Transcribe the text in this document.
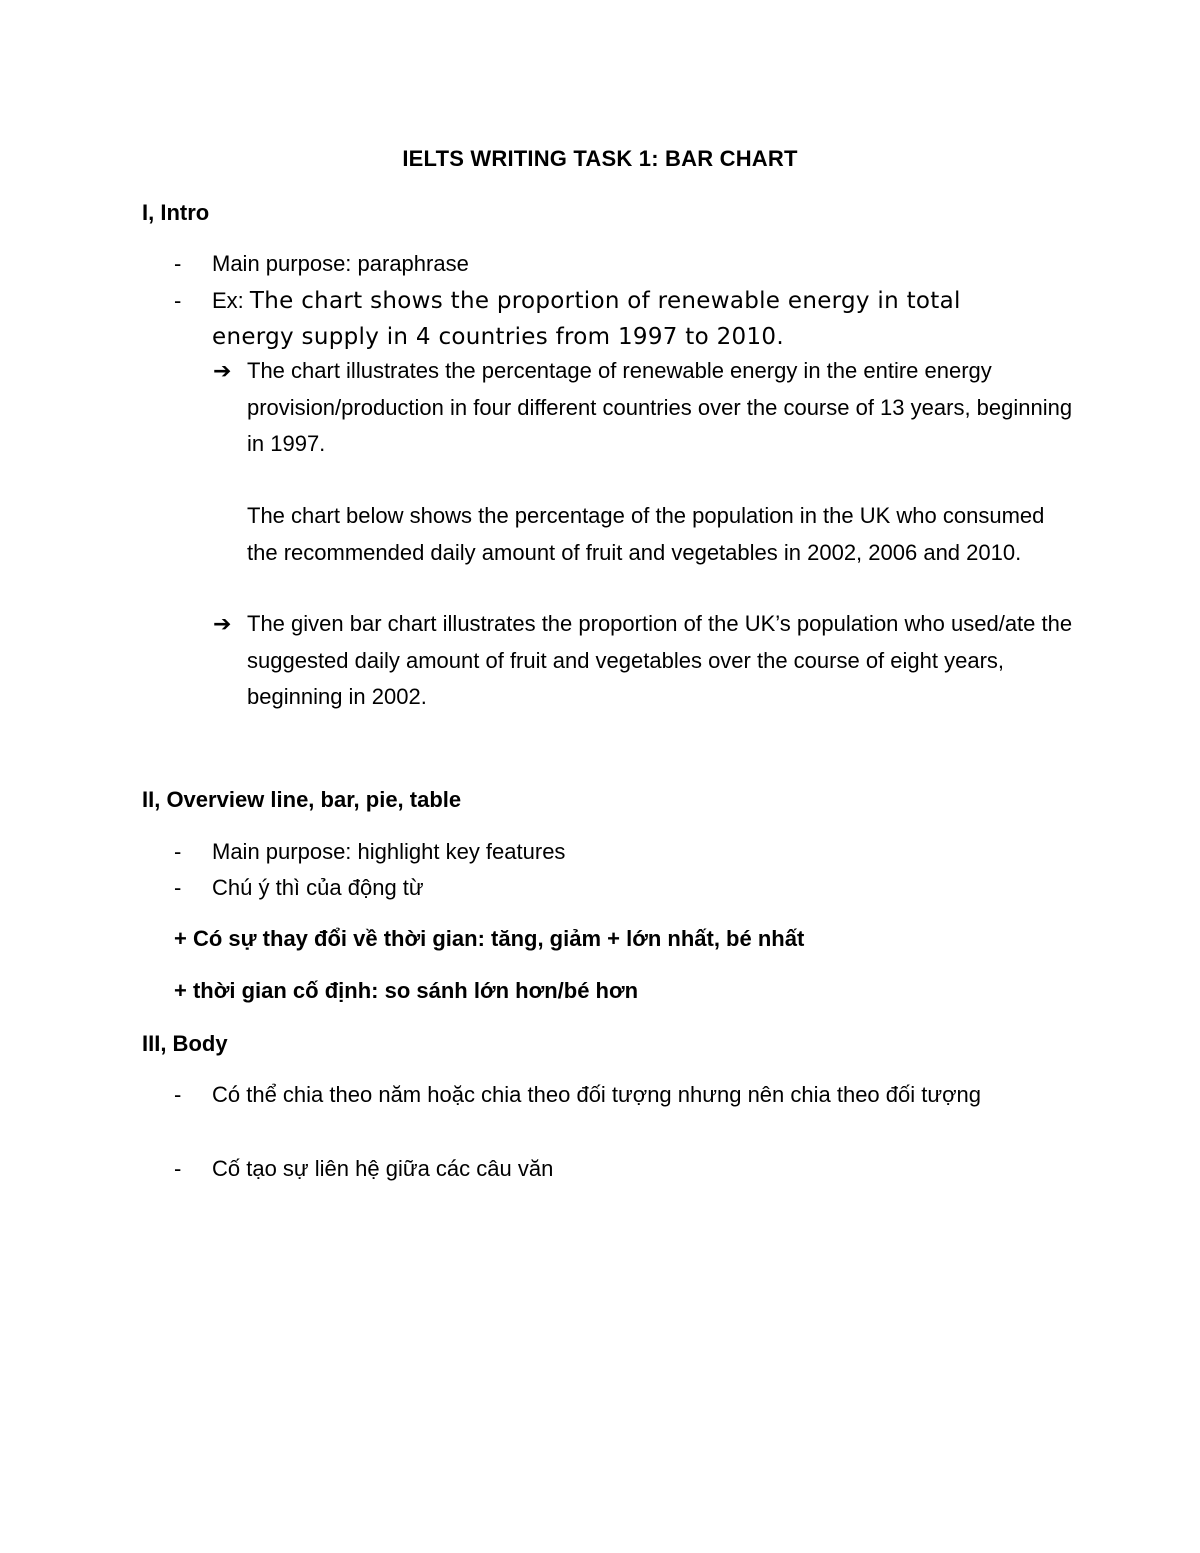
IELTS WRITING TASK 1: BAR CHART
I, Intro
-	Main purpose: paraphrase
-	Ex: The chart shows the proportion of renewable energy in total energy supply in 4 countries from 1997 to 2010.
➔ The chart illustrates the percentage of renewable energy in the entire energy provision/production in four different countries over the course of 13 years, beginning in 1997.
The chart below shows the percentage of the population in the UK who consumed the recommended daily amount of fruit and vegetables in 2002, 2006 and 2010.
➔ The given bar chart illustrates the proportion of the UK’s population who used/ate the suggested daily amount of fruit and vegetables over the course of eight years, beginning in 2002.
II, Overview line, bar, pie, table
-	Main purpose: highlight key features
-	Chú ý thì của động từ
+ Có sự thay đổi về thời gian: tăng, giảm + lớn nhất, bé nhất
+ thời gian cố định: so sánh lớn hơn/bé hơn
III, Body
-	Có thể chia theo năm hoặc chia theo đối tượng nhưng nên chia theo đối tượng
-	Cố tạo sự liên hệ giữa các câu văn
